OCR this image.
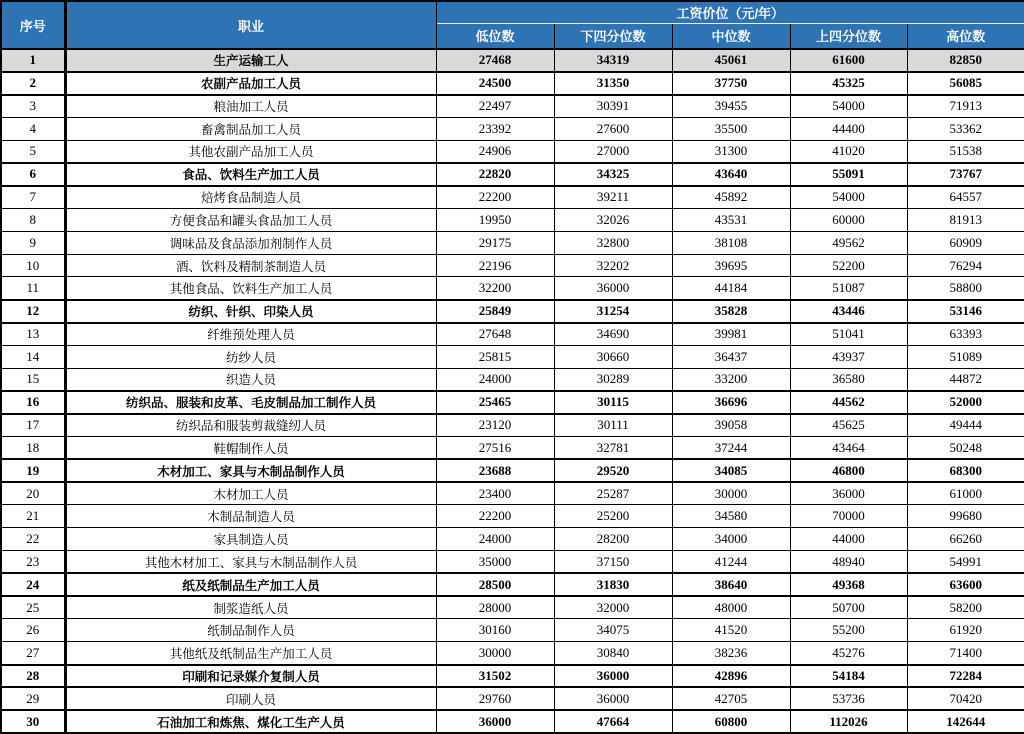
序号	职业	工资价位（元/年）				
		低位数	下四分位数	中位数	上四分位数	高位数
1	生产运输工人	27468	34319	45061	61600	82850
2	农副产品加工人员	24500	31350	37750	45325	56085
3	粮油加工人员	22497	30391	39455	54000	71913
4	畜禽制品加工人员	23392	27600	35500	44400	53362
5	其他农副产品加工人员	24906	27000	31300	41020	51538
6	食品、饮料生产加工人员	22820	34325	43640	55091	73767
7	焙烤食品制造人员	22200	39211	45892	54000	64557
8	方便食品和罐头食品加工人员	19950	32026	43531	60000	81913
9	调味品及食品添加剂制作人员	29175	32800	38108	49562	60909
10	酒、饮料及精制茶制造人员	22196	32202	39695	52200	76294
11	其他食品、饮料生产加工人员	32200	36000	44184	51087	58800
12	纺织、针织、印染人员	25849	31254	35828	43446	53146
13	纤维预处理人员	27648	34690	39981	51041	63393
14	纺纱人员	25815	30660	36437	43937	51089
15	织造人员	24000	30289	33200	36580	44872
16	纺织品、服装和皮革、毛皮制品加工制作人员	25465	30115	36696	44562	52000
17	纺织品和服装剪裁缝纫人员	23120	30111	39058	45625	49444
18	鞋帽制作人员	27516	32781	37244	43464	50248
19	木材加工、家具与木制品制作人员	23688	29520	34085	46800	68300
20	木材加工人员	23400	25287	30000	36000	61000
21	木制品制造人员	22200	25200	34580	70000	99680
22	家具制造人员	24000	28200	34000	44000	66260
23	其他木材加工、家具与木制品制作人员	35000	37150	41244	48940	54991
24	纸及纸制品生产加工人员	28500	31830	38640	49368	63600
25	制浆造纸人员	28000	32000	48000	50700	58200
26	纸制品制作人员	30160	34075	41520	55200	61920
27	其他纸及纸制品生产加工人员	30000	30840	38236	45276	71400
28	印刷和记录媒介复制人员	31502	36000	42896	54184	72284
29	印刷人员	29760	36000	42705	53736	70420
30	石油加工和炼焦、煤化工生产人员	36000	47664	60800	112026	142644
